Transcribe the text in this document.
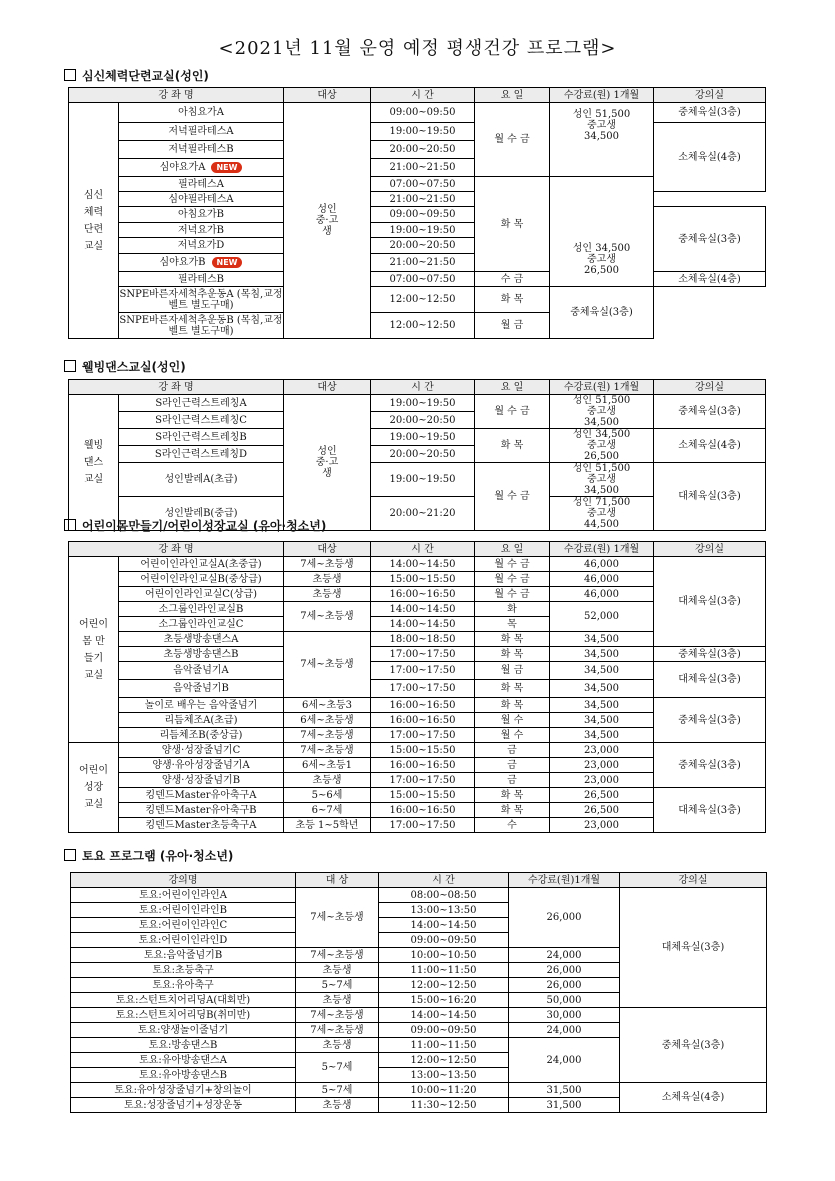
<2021년 11월 운영 예정 평생건강 프로그램>
심신체력단련교실(성인)
강 좌 명		대상	시 간	요 일	수강료(원) 1개월	강의실
심신 체력 단련 교실	아침요가A	성인 중·고생	09:00~09:50	월 수 금	성인 51,500 중고생 34,500	중체육실(3층)
	저녁필라테스A		19:00~19:50			소체육실(4층)
	저녁필라테스B		20:00~20:50			
	심야요가A NEW		21:00~21:50			
	필라테스A		07:00~07:50	화 목	성인 34,500 중고생 26,500	
	심야필라테스A		21:00~21:50			
	아침요가B		09:00~09:50			중체육실(3층)
	저녁요가B		19:00~19:50			
	저녁요가D		20:00~20:50			
	심야요가B NEW		21:00~21:50			
	필라테스B		07:00~07:50	수 금		소체육실(4층)
	SNPE바른자세척추운동A (목침,교정벨트 별도구매)		12:00~12:50	화 목	중체육실(3층)	
	SNPE바른자세척추운동B (목침,교정벨트 별도구매)		12:00~12:50	월 금		
웰빙댄스교실(성인)
강 좌 명		대상	시 간	요 일	수강료(원) 1개월	강의실
웰빙 댄스 교실	S라인근력스트레칭A	성인 중·고생	19:00~19:50	월 수 금	성인 51,500 중고생 34,500	중체육실(3층)
	S라인근력스트레칭C		20:00~20:50			
	S라인근력스트레칭B		19:00~19:50	화 목	성인 34,500 중고생 26,500	소체육실(4층)
	S라인근력스트레칭D		20:00~20:50			
	성인발레A(초급)		19:00~19:50	월 수 금	성인 51,500 중고생 34,500	대체육실(3층)
	성인발레B(중급)		20:00~21:20		성인 71,500 중고생 44,500	
어린이몸만들기/어린이성장교실 (유아·청소년)
강 좌 명		대상	시 간	요 일	수강료(원) 1개월	강의실
어린이 몸 만들기 교실	어린이인라인교실A(초중급)	7세~초등생	14:00~14:50	월 수 금	46,000	대체육실(3층)
	어린이인라인교실B(중상급)	초등생	15:00~15:50	월 수 금	46,000	
	어린이인라인교실C(상급)	초등생	16:00~16:50	월 수 금	46,000	
	소그룹인라인교실B	7세~초등생	14:00~14:50	화	52,000	
	소그룹인라인교실C		14:00~14:50	목		
	초등생방송댄스A	7세~초등생	18:00~18:50	화 목	34,500	
	초등생방송댄스B		17:00~17:50	화 목	34,500	중체육실(3층)
	음악줄넘기A		17:00~17:50	월 금	34,500	대체육실(3층)
	음악줄넘기B		17:00~17:50	화 목	34,500	
	놀이로 배우는 음악줄넘기	6세~초등3	16:00~16:50	화 목	34,500	중체육실(3층)
	리듬체조A(초급)	6세~초등생	16:00~16:50	월 수	34,500	
	리듬체조B(중상급)	7세~초등생	17:00~17:50	월 수	34,500	
어린이 성장 교실	양생·성장줄넘기C	7세~초등생	15:00~15:50	금	23,000	중체육실(3층)
	양생·유아성장줄넘기A	6세~초등1	16:00~16:50	금	23,000	
	양생·성장줄넘기B	초등생	17:00~17:50	금	23,000	
	킹덴드Master유아축구A	5~6세	15:00~15:50	화 목	26,500	대체육실(3층)
	킹덴드Master유아축구B	6~7세	16:00~16:50	화 목	26,500	
	킹덴드Master초등축구A	초등 1~5학년	17:00~17:50	수	23,000	
토요 프로그램 (유아·청소년)
강의명	대 상	시 간	수강료(원)1개월	강의실
토요:어린이인라인A	7세~초등생	08:00~08:50	26,000	대체육실(3층)
토요:어린이인라인B		13:00~13:50		
토요:어린이인라인C		14:00~14:50		
토요:어린이인라인D		09:00~09:50		
토요:음악줄넘기B	7세~초등생	10:00~10:50	24,000	
토요:초등축구	초등생	11:00~11:50	26,000	
토요:유아축구	5~7세	12:00~12:50	26,000	
토요:스턴트치어리딩A(대회반)	초등생	15:00~16:20	50,000	
토요:스턴트치어리딩B(취미반)	7세~초등생	14:00~14:50	30,000	중체육실(3층)
토요:양생놀이줄넘기	7세~초등생	09:00~09:50	24,000	
토요:방송댄스B	초등생	11:00~11:50	24,000	
토요:유아방송댄스A	5~7세	12:00~12:50		
토요:유아방송댄스B		13:00~13:50		
토요:유아성장줄넘기+창의놀이	5~7세	10:00~11:20	31,500	소체육실(4층)
토요:성장줄넘기+성장운동	초등생	11:30~12:50	31,500	
